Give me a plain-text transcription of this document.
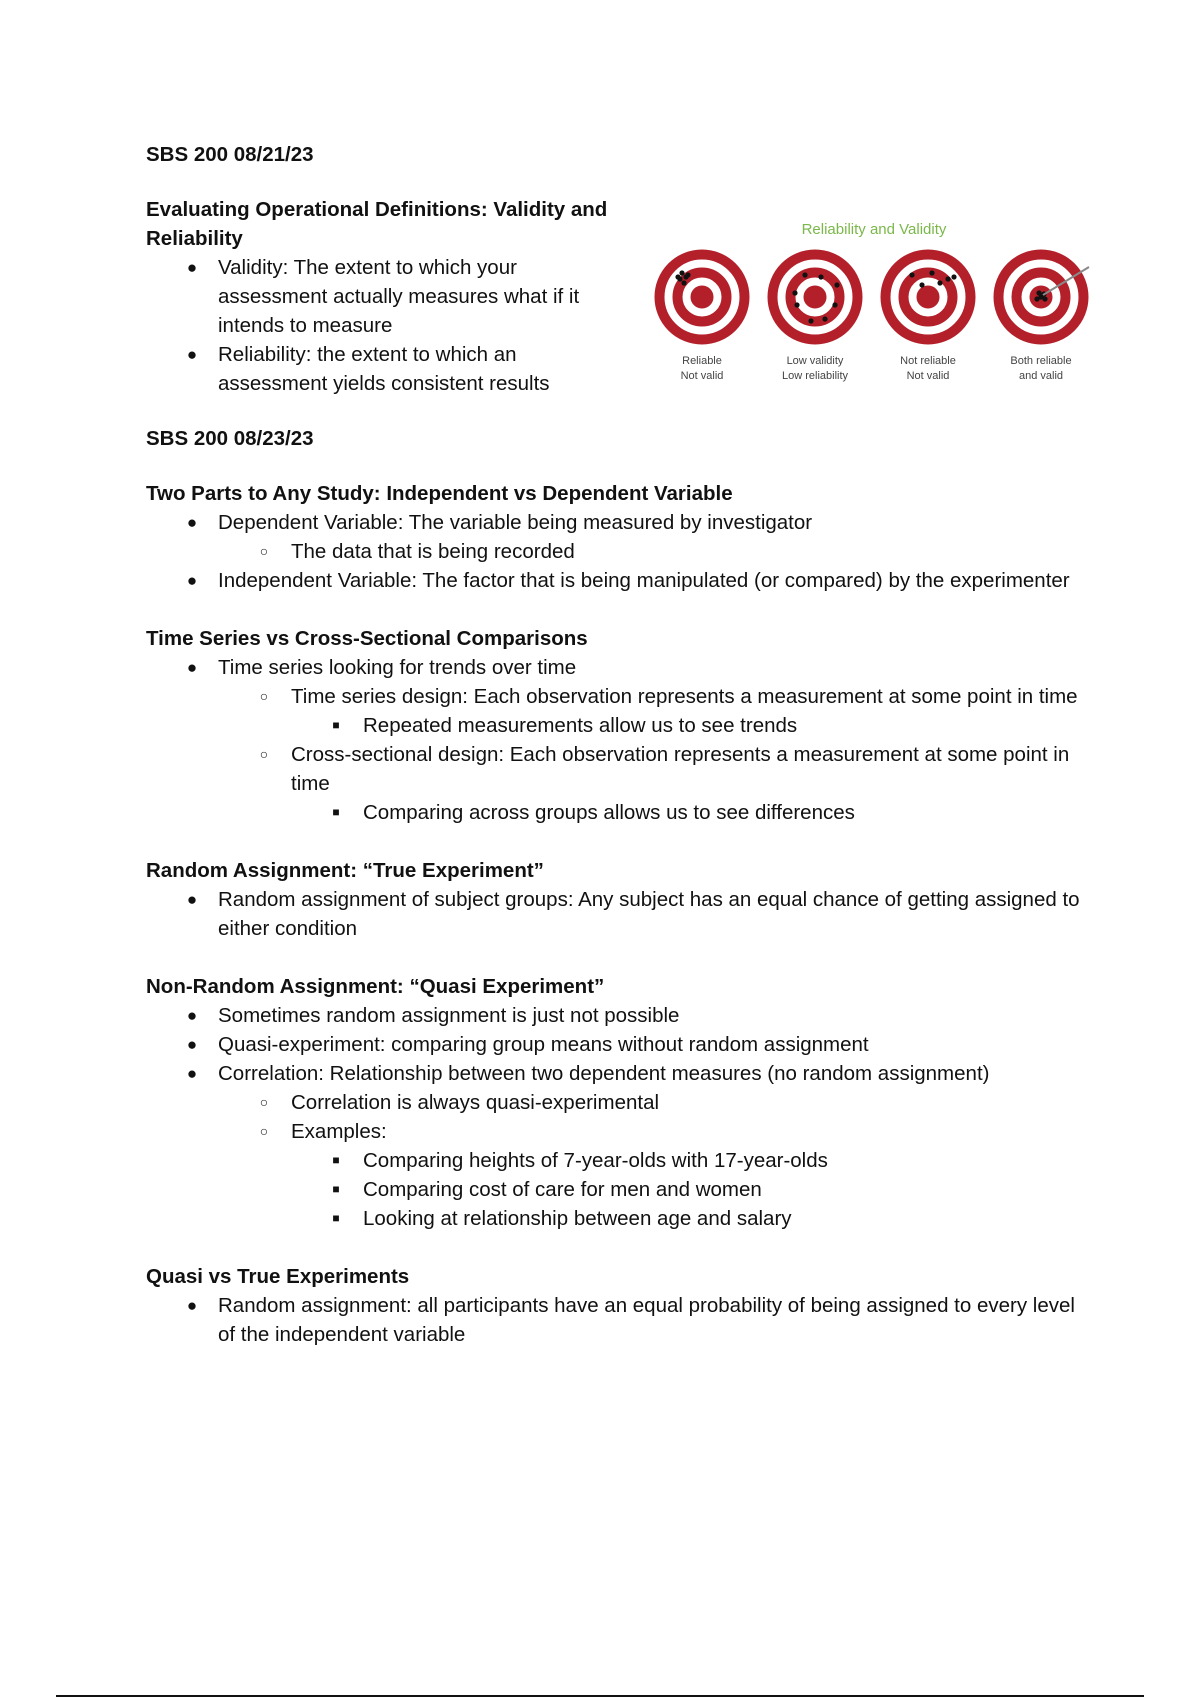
SBS 200 08/21/23

Evaluating Operational Definitions: Validity and Reliability

● Validity: The extent to which your assessment actually measures what if it intends to measure
● Reliability: the extent to which an assessment yields consistent results

SBS 200 08/23/23

Two Parts to Any Study: Independent vs Dependent Variable

● Dependent Variable: The variable being measured by investigator
○ The data that is being recorded
● Independent Variable: The factor that is being manipulated (or compared) by the experimenter

Time Series vs Cross-Sectional Comparisons

● Time series looking for trends over time
○ Time series design: Each observation represents a measurement at some point in time
■	Repeated measurements allow us to see trends
○ Cross-sectional design: Each observation represents a measurement at some point in time
■	Comparing across groups allows us to see differences

Random Assignment: “True Experiment”

● Random assignment of subject groups: Any subject has an equal chance of getting assigned to either condition

Non-Random Assignment: “Quasi Experiment”

● Sometimes random assignment is just not possible
● Quasi-experiment: comparing group means without random assignment
● Correlation: Relationship between two dependent measures (no random assignment)
○ Correlation is always quasi-experimental
○ Examples:
■	Comparing heights of 7-year-olds with 17-year-olds
■	Comparing cost of care for men and women
■	Looking at relationship between age and salary

Quasi vs True Experiments

● Random assignment: all participants have an equal probability of being assigned to every level of the independent variable
Reliability and Validity
Reliable
Not valid
Low validity
Low reliability
Not reliable
Not valid
Both reliable
and valid
